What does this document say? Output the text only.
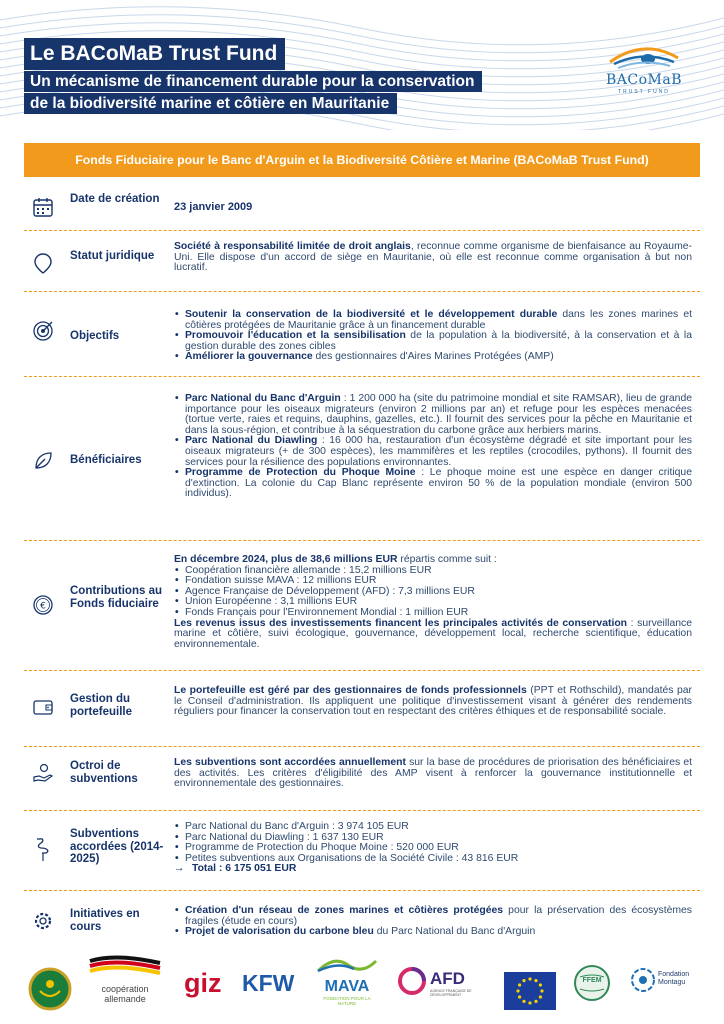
Le BACoMaB Trust Fund
Un mécanisme de financement durable pour la conservation
de la biodiversité marine et côtière en Mauritanie
BACoMaB
TRUST FUND
Fonds Fiduciaire pour le Banc d'Arguin et la Biodiversité Côtière et Marine (BACoMaB Trust Fund)
Date de création
23 janvier 2009
Statut juridique
Société à responsabilité limitée de droit anglais, reconnue comme organisme de bienfaisance au Royaume-Uni. Elle dispose d'un accord de siège en Mauritanie, où elle est reconnue comme organisation à but non lucratif.
Objectifs
• Soutenir la conservation de la biodiversité et le développement durable dans les zones marines et côtières protégées de Mauritanie grâce à un financement durable
• Promouvoir l'éducation et la sensibilisation de la population à la biodiversité, à la conservation et à la gestion durable des zones cibles
• Améliorer la gouvernance des gestionnaires d'Aires Marines Protégées (AMP)
Bénéficiaires
• Parc National du Banc d'Arguin : 1 200 000 ha (site du patrimoine mondial et site RAMSAR), lieu de grande importance pour les oiseaux migrateurs (environ 2 millions par an) et refuge pour les espèces menacées (tortue verte, raies et requins, dauphins, gazelles, etc.). Il fournit des services pour la pêche en Mauritanie et dans la sous-région, et contribue à la séquestration du carbone grâce aux herbiers marins.
• Parc National du Diawling : 16 000 ha, restauration d'un écosystème dégradé et site important pour les oiseaux migrateurs (+ de 300 espèces), les mammifères et les reptiles (crocodiles, pythons). Il fournit des services pour la résilience des populations environnantes.
• Programme de Protection du Phoque Moine : Le phoque moine est une espèce en danger critique d'extinction. La colonie du Cap Blanc représente environ 50 % de la population mondiale (environ 500 individus).
€
Contributions au Fonds fiduciaire
En décembre 2024, plus de 38,6 millions EUR répartis comme suit :
• Coopération financière allemande : 15,2 millions EUR
• Fondation suisse MAVA : 12 millions EUR
• Agence Française de Développement (AFD) : 7,3 millions EUR
• Union Européenne : 3,1 millions EUR
• Fonds Français pour l'Environnement Mondial : 1 million EUR
Les revenus issus des investissements financent les principales activités de conservation : surveillance marine et côtière, suivi écologique, gouvernance, développement local, recherche scientifique, éducation environnementale.
Gestion du portefeuille
Le portefeuille est géré par des gestionnaires de fonds professionnels (PPT et Rothschild), mandatés par le Conseil d'administration. Ils appliquent une politique d'investissement visant à générer des rendements réguliers pour financer la conservation tout en respectant des critères éthiques et de responsabilité sociale.
Octroi de subventions
Les subventions sont accordées annuellement sur la base de procédures de priorisation des bénéficiaires et des activités. Les critères d'éligibilité des AMP visent à renforcer la gouvernance institutionnelle et environnementale des gestionnaires.
Subventions accordées (2014-2025)
• Parc National du Banc d'Arguin : 3 974 105 EUR
• Parc National du Diawling : 1 637 130 EUR
• Programme de Protection du Phoque Moine : 520 000 EUR
• Petites subventions aux Organisations de la Société Civile : 43 816 EUR
→ Total : 6 175 051 EUR
Initiatives en cours
• Création d'un réseau de zones marines et côtières protégées pour la préservation des écosystèmes fragiles (étude en cours)
• Projet de valorisation du carbone bleu du Parc National du Banc d'Arguin
coopération
allemande
giz KFW	MAVA
FONDATION POUR LA NATURE
AFD
AGENCE FRANÇAISE DE DÉVELOPPEMENT
FFEM
Fondation
Montagu
